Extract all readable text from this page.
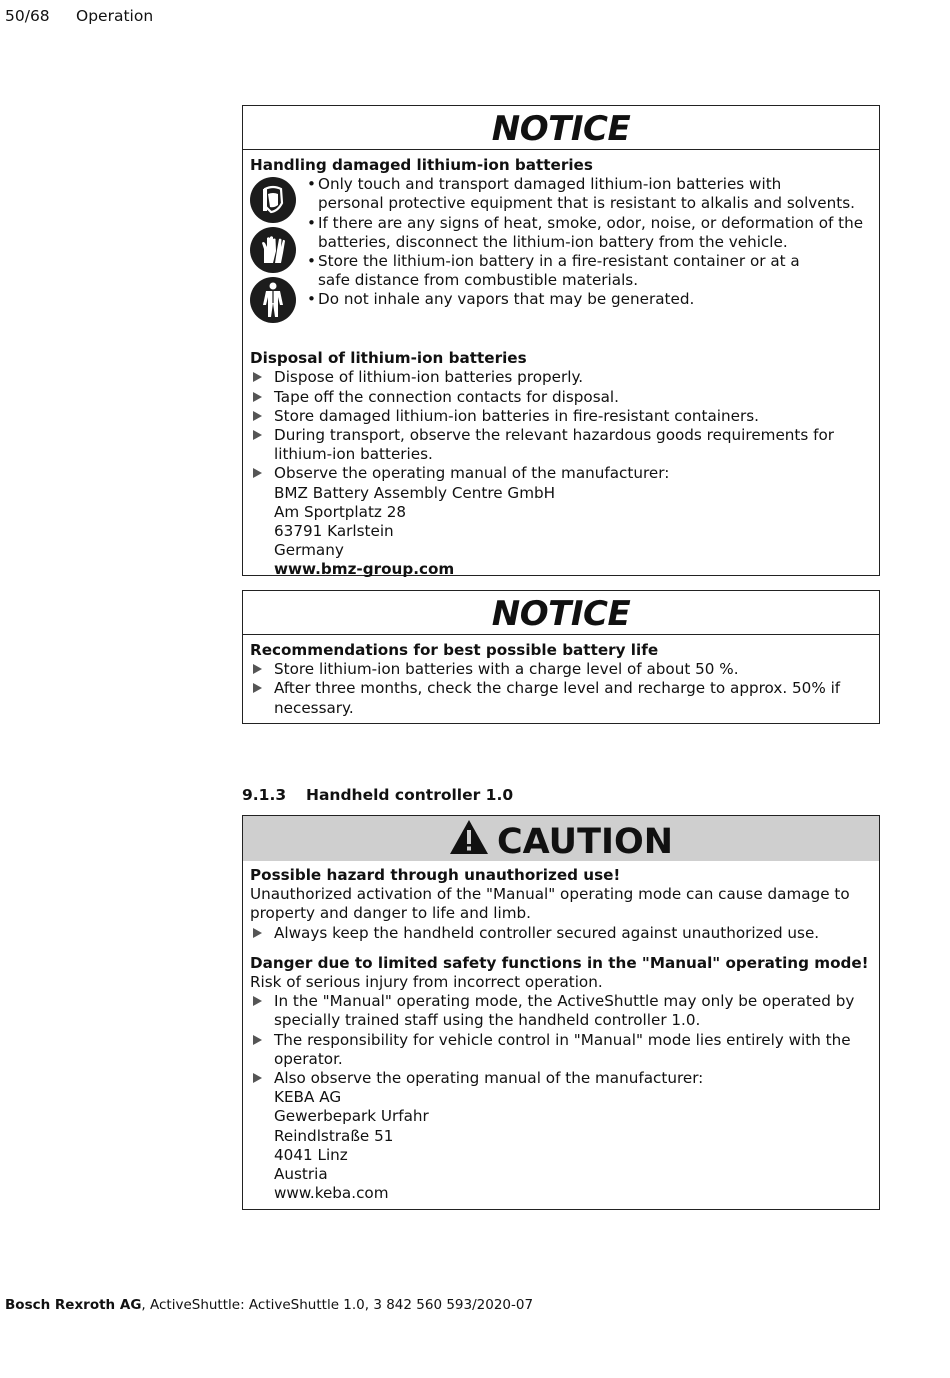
50/68 Operation
NOTICE
Handling damaged lithium-ion batteries
• Only touch and transport damaged lithium-ion batteries with
personal protective equipment that is resistant to alkalis and solvents.
• If there are any signs of heat, smoke, odor, noise, or deformation of the
batteries, disconnect the lithium-ion battery from the vehicle.
• Store the lithium-ion battery in a fire-resistant container or at a
safe distance from combustible materials.
• Do not inhale any vapors that may be generated.
Disposal of lithium-ion batteries
Dispose of lithium-ion batteries properly.
Tape off the connection contacts for disposal.
Store damaged lithium-ion batteries in fire-resistant containers.
During transport, observe the relevant hazardous goods requirements for lithium-ion batteries.
Observe the operating manual of the manufacturer:
BMZ Battery Assembly Centre GmbH
Am Sportplatz 28
63791 Karlstein
Germany
www.bmz-group.com
NOTICE
Recommendations for best possible battery life
Store lithium-ion batteries with a charge level of about 50 %.
After three months, check the charge level and recharge to approx. 50% if necessary.
9.1.3 Handheld controller 1.0
CAUTION
Possible hazard through unauthorized use!
Unauthorized activation of the "Manual" operating mode can cause damage to property and danger to life and limb.
Always keep the handheld controller secured against unauthorized use.
Danger due to limited safety functions in the "Manual" operating mode!
Risk of serious injury from incorrect operation.
In the "Manual" operating mode, the ActiveShuttle may only be operated by specially trained staff using the handheld controller 1.0.
The responsibility for vehicle control in "Manual" mode lies entirely with the operator.
Also observe the operating manual of the manufacturer:
KEBA AG
Gewerbepark Urfahr
Reindlstraße 51
4041 Linz
Austria
www.keba.com
Bosch Rexroth AG, ActiveShuttle: ActiveShuttle 1.0, 3 842 560 593/2020-07
